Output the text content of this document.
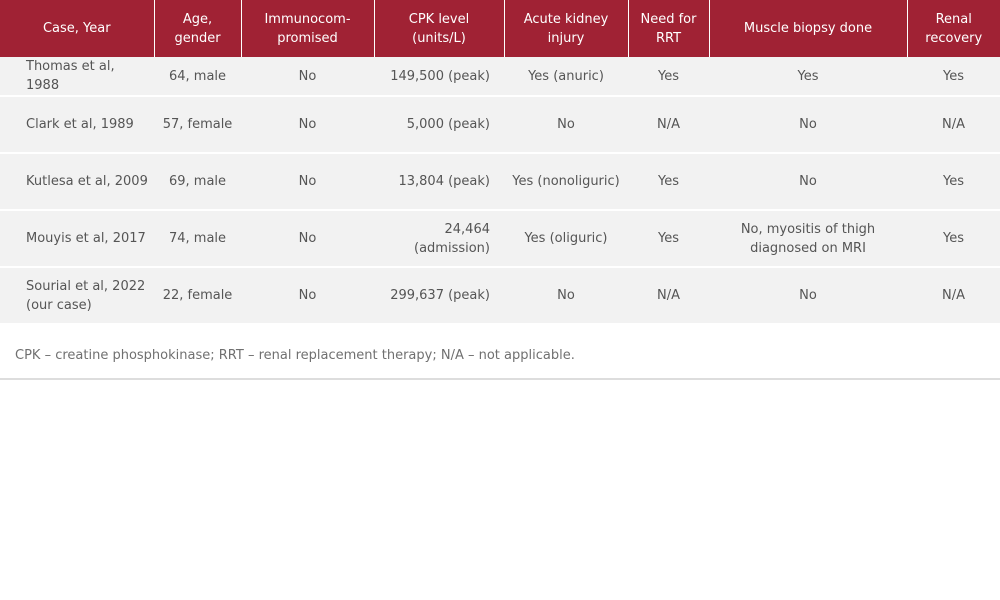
Case, Year	Age, gender	Immunocom-promised	CPK level (units/L)	Acute kidney injury	Need for RRT	Muscle biopsy done	Renal recovery
Thomas et al, 1988	64, male	No	149,500 (peak)	Yes (anuric)	Yes	Yes	Yes
Clark et al, 1989	57, female	No	5,000 (peak)	No	N/A	No	N/A
Kutlesa et al, 2009	69, male	No	13,804 (peak)	Yes (nonoliguric)	Yes	No	Yes
Mouyis et al, 2017	74, male	No	24,464 (admission)	Yes (oliguric)	Yes	No, myositis of thigh diagnosed on MRI	Yes
Sourial et al, 2022 (our case)	22, female	No	299,637 (peak)	No	N/A	No	N/A
CPK – creatine phosphokinase; RRT – renal replacement therapy; N/A – not applicable.
